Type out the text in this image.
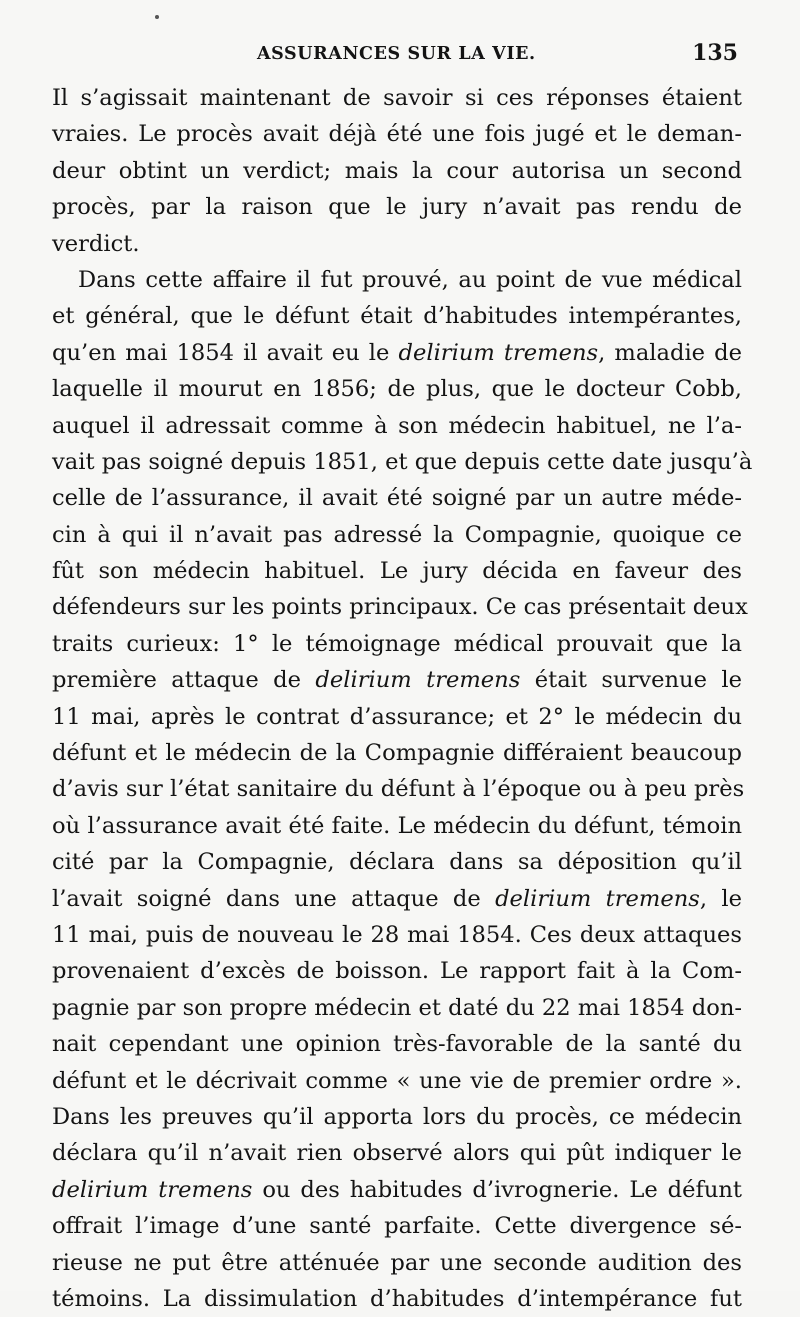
ASSURANCES SUR LA VIE.	135
Il s’agissait maintenant de savoir si ces réponses étaient
vraies. Le procès avait déjà été une fois jugé et le deman-
deur obtint un verdict; mais la cour autorisa un second
procès, par la raison que le jury n’avait pas rendu de
verdict.
Dans cette affaire il fut prouvé, au point de vue médical
et général, que le défunt était d’habitudes intempérantes,
qu’en mai 1854 il avait eu le delirium tremens, maladie de
laquelle il mourut en 1856; de plus, que le docteur Cobb,
auquel il adressait comme à son médecin habituel, ne l’a-
vait pas soigné depuis 1851, et que depuis cette date jusqu’à
celle de l’assurance, il avait été soigné par un autre méde-
cin à qui il n’avait pas adressé la Compagnie, quoique ce
fût son médecin habituel. Le jury décida en faveur des
défendeurs sur les points principaux. Ce cas présentait deux
traits curieux: 1° le témoignage médical prouvait que la
première attaque de delirium tremens était survenue le
11 mai, après le contrat d’assurance; et 2° le médecin du
défunt et le médecin de la Compagnie différaient beaucoup
d’avis sur l’état sanitaire du défunt à l’époque ou à peu près
où l’assurance avait été faite. Le médecin du défunt, témoin
cité par la Compagnie, déclara dans sa déposition qu’il
l’avait soigné dans une attaque de delirium tremens, le
11 mai, puis de nouveau le 28 mai 1854. Ces deux attaques
provenaient d’excès de boisson. Le rapport fait à la Com-
pagnie par son propre médecin et daté du 22 mai 1854 don-
nait cependant une opinion très-favorable de la santé du
défunt et le décrivait comme « une vie de premier ordre ».
Dans les preuves qu’il apporta lors du procès, ce médecin
déclara qu’il n’avait rien observé alors qui pût indiquer le
delirium tremens ou des habitudes d’ivrognerie. Le défunt
offrait l’image d’une santé parfaite. Cette divergence sé-
rieuse ne put être atténuée par une seconde audition des
témoins. La dissimulation d’habitudes d’intempérance fut
